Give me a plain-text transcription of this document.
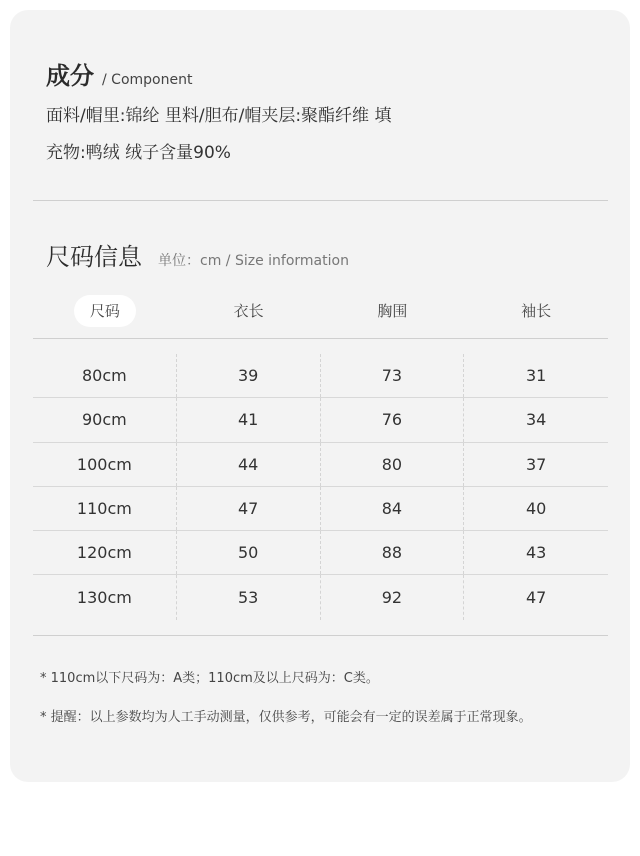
成分 / Component
面料/帽里:锦纶 里料/胆布/帽夹层:聚酯纤维 填
充物:鸭绒 绒子含量90%
尺码信息 单位：cm / Size information
尺码	衣长	胸围	袖长
80cm	39	73	31
90cm	41	76	34
100cm	44	80	37
110cm	47	84	40
120cm	50	88	43
130cm	53	92	47
* 110cm以下尺码为：A类；110cm及以上尺码为：C类。
* 提醒：以上参数均为人工手动测量，仅供参考，可能会有一定的误差属于正常现象。
